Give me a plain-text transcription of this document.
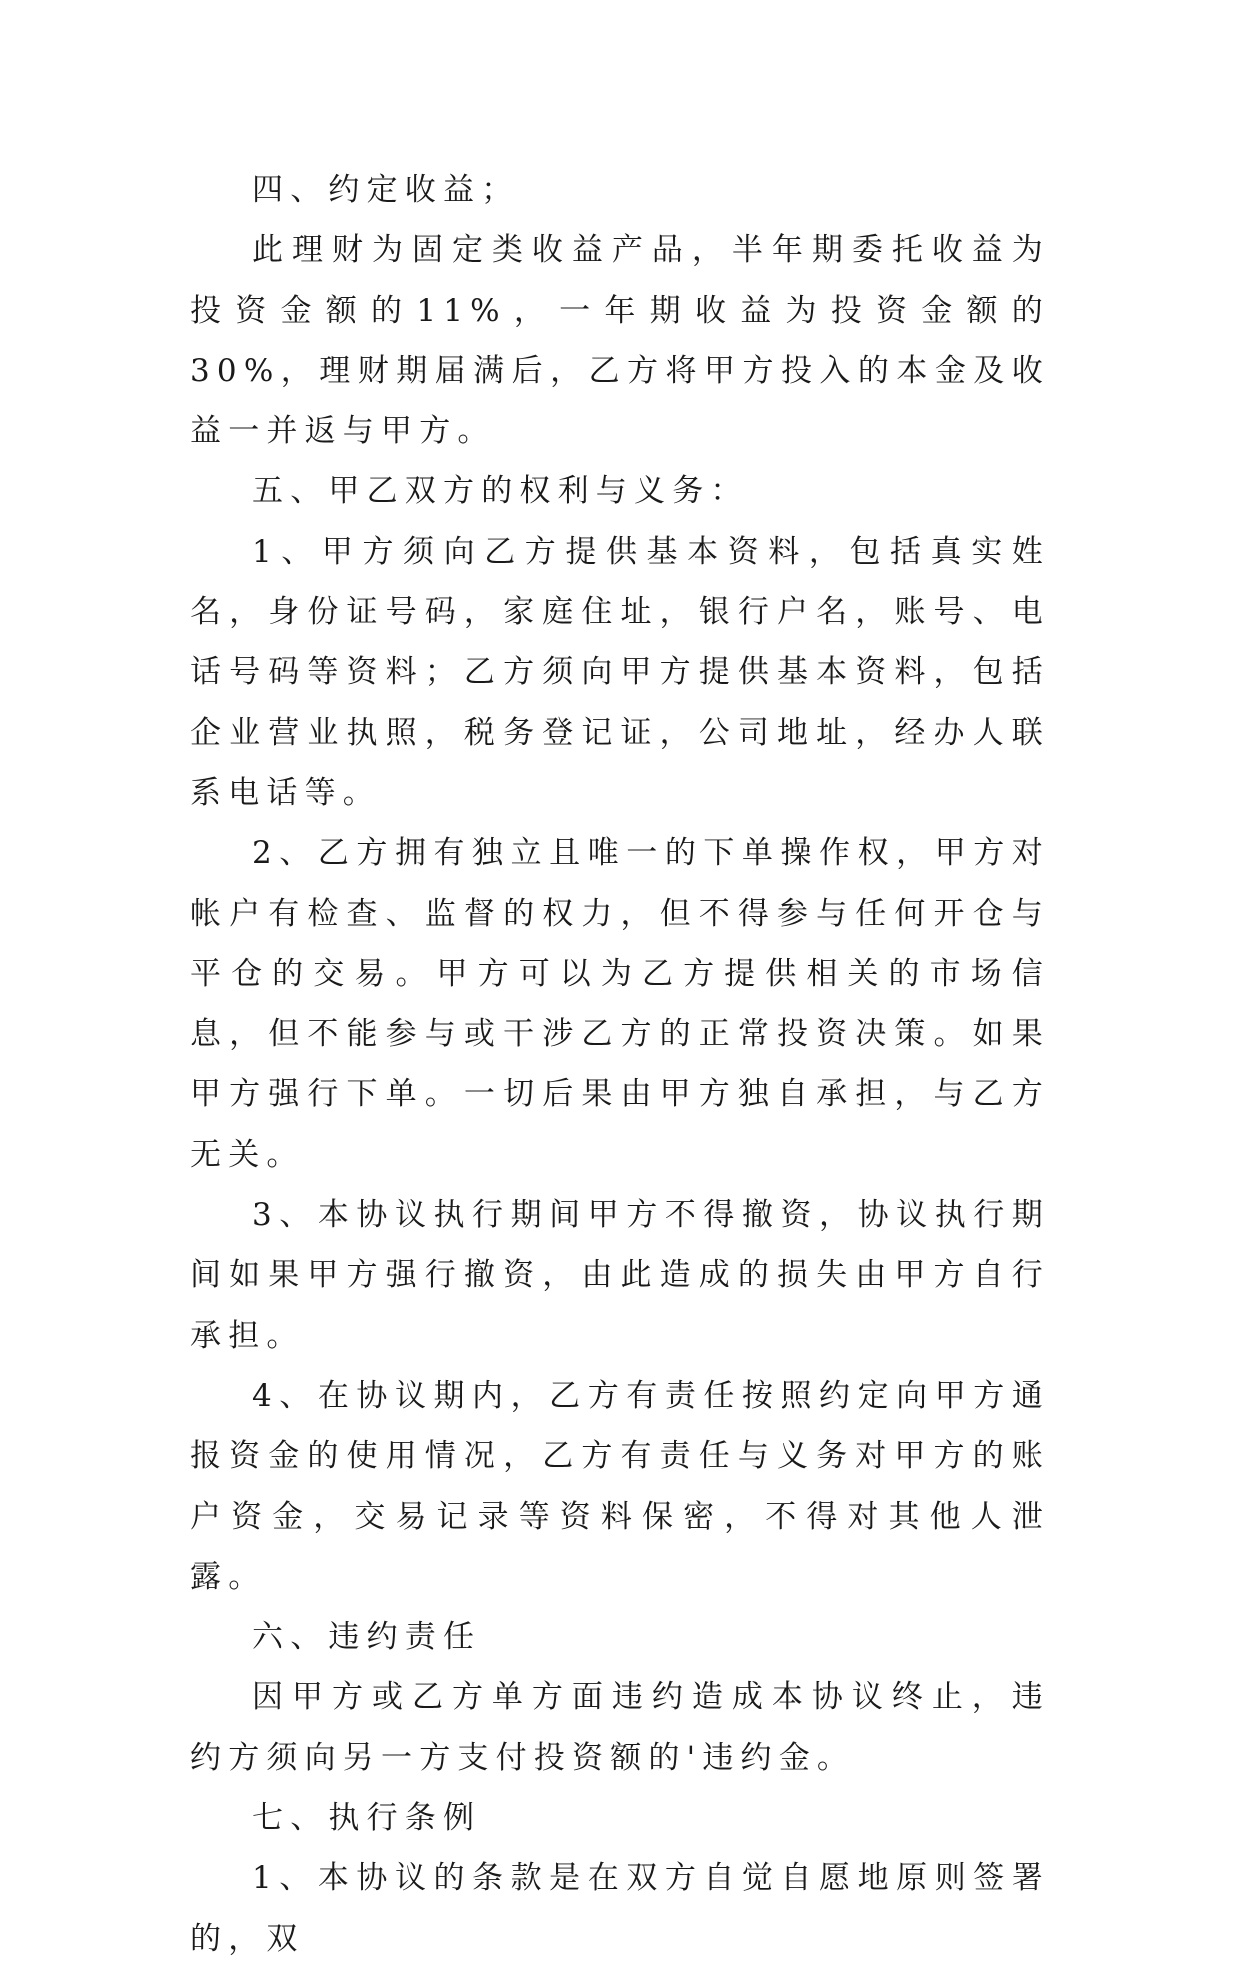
四、约定收益；

此理财为固定类收益产品，半年期委托收益为投资金额的11%，一年期收益为投资金额的30%，理财期届满后，乙方将甲方投入的本金及收益一并返与甲方。

五、甲乙双方的权利与义务：

1、甲方须向乙方提供基本资料，包括真实姓名，身份证号码，家庭住址，银行户名，账号、电话号码等资料；乙方须向甲方提供基本资料，包括企业营业执照，税务登记证，公司地址，经办人联系电话等。

2、乙方拥有独立且唯一的下单操作权，甲方对帐户有检查、监督的权力，但不得参与任何开仓与平仓的交易。甲方可以为乙方提供相关的市场信息，但不能参与或干涉乙方的正常投资决策。如果甲方强行下单。一切后果由甲方独自承担，与乙方无关。

3、本协议执行期间甲方不得撤资，协议执行期间如果甲方强行撤资，由此造成的损失由甲方自行承担。

4、在协议期内，乙方有责任按照约定向甲方通报资金的使用情况，乙方有责任与义务对甲方的账户资金，交易记录等资料保密，不得对其他人泄露。

六、违约责任

因甲方或乙方单方面违约造成本协议终止，违约方须向另一方支付投资额的'违约金。

七、执行条例

1、本协议的条款是在双方自觉自愿地原则签署的，双
